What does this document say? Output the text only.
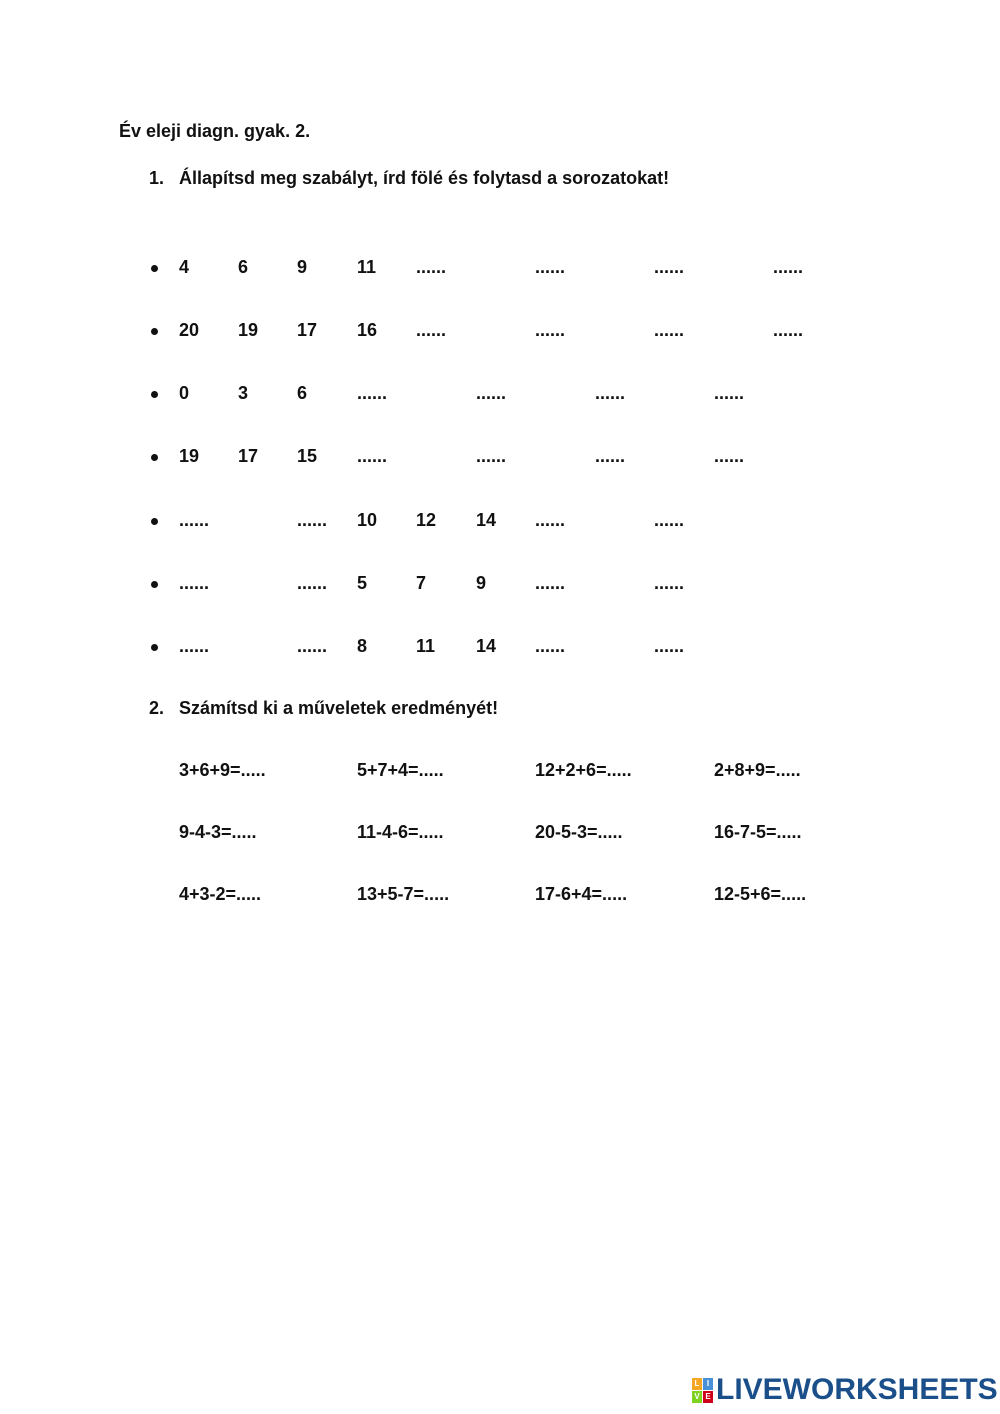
Év eleji diagn. gyak. 2.
1. Állapítsd meg szabályt, írd fölé és folytasd a sorozatokat!
4	6	9	11 ......	......	......	......
20 19 17 16 ......	......	......	......
0	3	6	......	......	......	......
19 17 15 ......	......	......	......
......	...... 10 12 14 ......	......
......	...... 5	7	9	......	......
......	...... 8	11 14 ......	......
2. Számítsd ki a műveletek eredményét!
3+6+9=.....	5+7+4=.....	12+2+6=.....	2+8+9=.....
9-4-3=.....	11-4-6=.....	20-5-3=.....	16-7-5=.....
4+3-2=.....	13+5-7=.....	17-6+4=.....	12-5+6=.....
L I
V E LIVEWORKSHEETS
